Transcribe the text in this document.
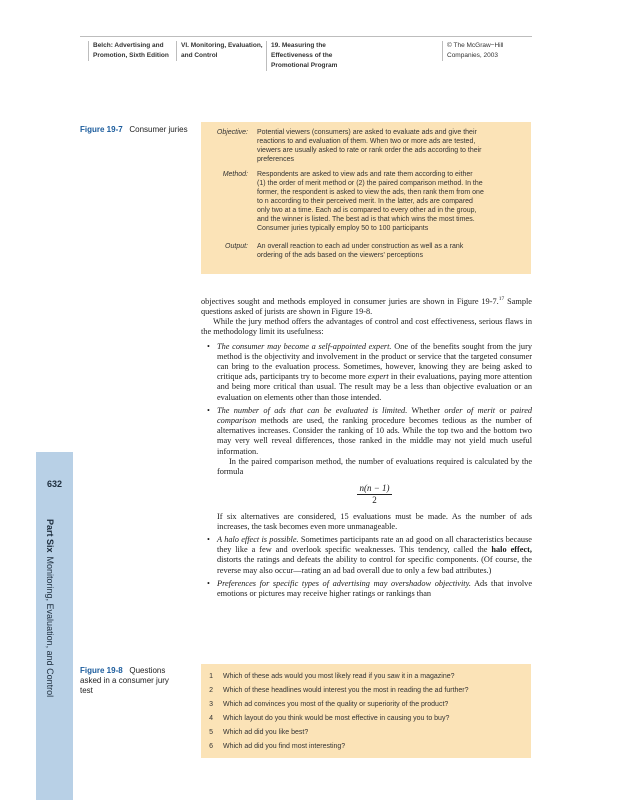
Belch: Advertising and
Promotion, Sixth Edition
VI. Monitoring, Evaluation,
and Control
19. Measuring the
Effectiveness of the
Promotional Program
© The McGraw−Hill
Companies, 2003
632
Part SixMonitoring, Evaluation, and Control
Figure 19-7 Consumer juries	Objective: Potential viewers (consumers) are asked to evaluate ads and give their
reactions to and evaluation of them. When two or more ads are tested,
viewers are usually asked to rate or rank order the ads according to their
preferences
Method: Respondents are asked to view ads and rate them according to either
(1) the order of merit method or (2) the paired comparison method. In the
former, the respondent is asked to view the ads, then rank them from one
to n according to their perceived merit. In the latter, ads are compared
only two at a time. Each ad is compared to every other ad in the group,
and the winner is listed. The best ad is that which wins the most times.
Consumer juries typically employ 50 to 100 participants
Output: An overall reaction to each ad under construction as well as a rank
ordering of the ads based on the viewers' perceptions

objectives sought and methods employed in consumer juries are shown in Figure 19-7.17 Sample questions asked of jurists are shown in Figure 19-8.

While the jury method offers the advantages of control and cost effectiveness, serious flaws in the methodology limit its usefulness:

• The consumer may become a self-appointed expert. One of the benefits sought from the jury method is the objectivity and involvement in the product or service that the targeted consumer can bring to the evaluation process. Sometimes, however, knowing they are being asked to critique ads, participants try to become more expert in their evaluations, paying more attention and being more critical than usual. The result may be a less than objective evaluation or an evaluation on elements other than those intended.
• The number of ads that can be evaluated is limited. Whether order of merit or paired comparison methods are used, the ranking procedure becomes tedious as the number of alternatives increases. Consider the ranking of 10 ads. While the top two and the bottom two may very well reveal differences, those ranked in the middle may not yield much useful information.
In the paired comparison method, the number of evaluations required is calculated by the formula
n(n − 1)
2
If six alternatives are considered, 15 evaluations must be made. As the number of ads increases, the task becomes even more unmanageable.
• A halo effect is possible. Sometimes participants rate an ad good on all characteristics because they like a few and overlook specific weaknesses. This tendency, called the halo effect, distorts the ratings and defeats the ability to control for specific components. (Of course, the reverse may also occur—rating an ad bad overall due to only a few bad attributes.)
• Preferences for specific types of advertising may overshadow objectivity. Ads that involve emotions or pictures may receive higher ratings or rankings than
Figure 19-8 Questions
asked in a consumer jury
test
1 Which of these ads would you most likely read if you saw it in a magazine?
2 Which of these headlines would interest you the most in reading the ad further?
3 Which ad convinces you most of the quality or superiority of the product?
4 Which layout do you think would be most effective in causing you to buy?
5 Which ad did you like best?
6 Which ad did you find most interesting?
